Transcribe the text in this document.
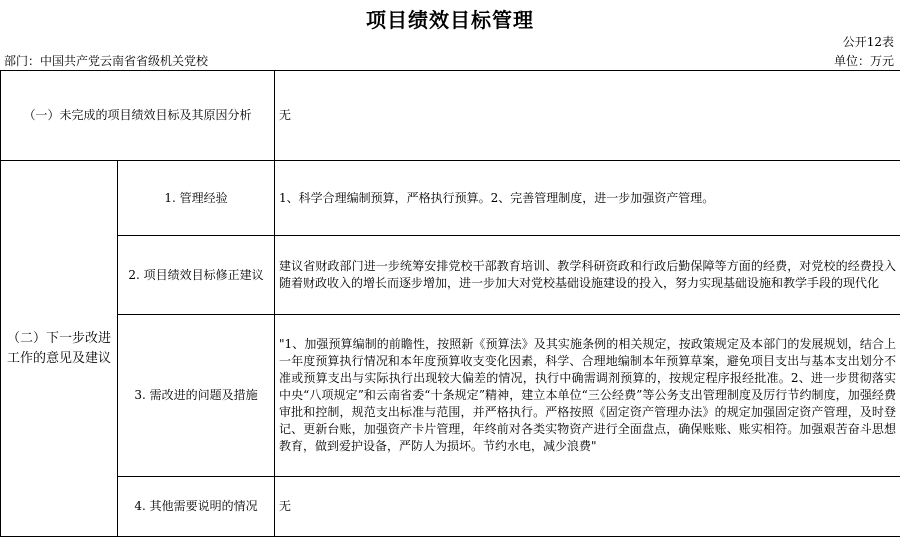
项目绩效目标管理
公开12表
部门：中国共产党云南省省级机关党校	单位：万元
（一）未完成的项目绩效目标及其原因分析		无
（二）下一步改进工作的意见及建议	1. 管理经验	1、科学合理编制预算，严格执行预算。2、完善管理制度，进一步加强资产管理。
	2. 项目绩效目标修正建议	建议省财政部门进一步统筹安排党校干部教育培训、教学科研资政和行政后勤保障等方面的经费，对党校的经费投入随着财政收入的增长而逐步增加，进一步加大对党校基础设施建设的投入，努力实现基础设施和教学手段的现代化
	3. 需改进的问题及措施	"1、加强预算编制的前瞻性，按照新《预算法》及其实施条例的相关规定，按政策规定及本部门的发展规划，结合上一年度预算执行情况和本年度预算收支变化因素，科学、合理地编制本年预算草案，避免项目支出与基本支出划分不准或预算支出与实际执行出现较大偏差的情况，执行中确需调剂预算的，按规定程序报经批准。2、进一步贯彻落实中央“八项规定”和云南省委“十条规定”精神，建立本单位“三公经费”等公务支出管理制度及厉行节约制度，加强经费审批和控制，规范支出标准与范围，并严格执行。严格按照《固定资产管理办法》的规定加强固定资产管理，及时登记、更新台账，加强资产卡片管理，年终前对各类实物资产进行全面盘点，确保账账、账实相符。加强艰苦奋斗思想教育，做到爱护设备，严防人为损坏。节约水电，减少浪费"
	4. 其他需要说明的情况	无
